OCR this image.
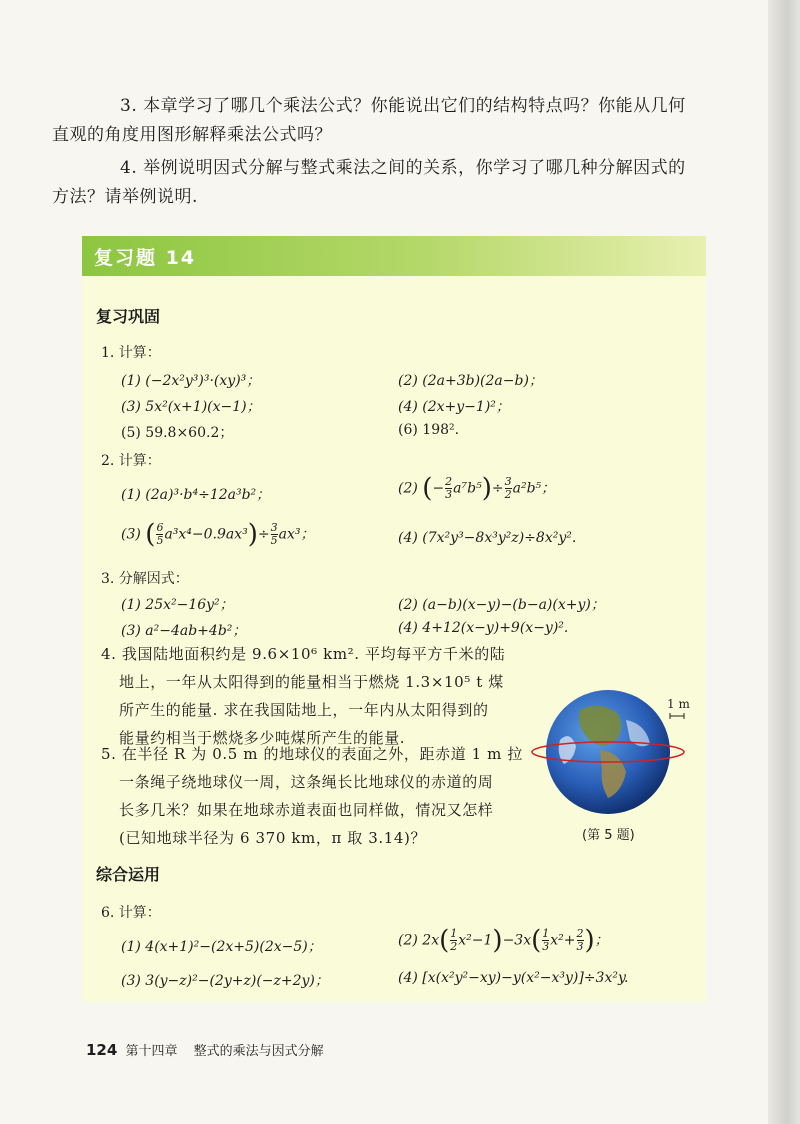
3. 本章学习了哪几个乘法公式？你能说出它们的结构特点吗？你能从几何
直观的角度用图形解释乘法公式吗？

4. 举例说明因式分解与整式乘法之间的关系，你学习了哪几种分解因式的
方法？请举例说明.

复习题 14
复习巩固
1. 计算：
(1) (−2x²y³)³·(xy)³；	(2) (2a+3b)(2a−b)；
(3) 5x²(x+1)(x−1)；	(4) (2x+y−1)²；
(5) 59.8×60.2；	(6) 198².
2. 计算：
(1) (2a)³·b⁴÷12a³b²；	(2) (− $\frac{2}{3} a^7b^5)\div \frac{3}{2} a^2b^5$；
(3) ( $\frac{6}{5} a^3x^4-0.9ax^3)\div \frac{3}{5} ax^3$；	(4) (7x²y³−8x³y²z)÷8x²y².
3. 分解因式：
(1) 25x²−16y²；	(2) (a−b)(x−y)−(b−a)(x+y)；
(3) a²−4ab+4b²；	(4) 4+12(x−y)+9(x−y)².
4. 我国陆地面积约是 9.6×10⁶ km². 平均每平方千米的陆
地上，一年从太阳得到的能量相当于燃烧 1.3×10⁵ t 煤
所产生的能量. 求在我国陆地上，一年内从太阳得到的
能量约相当于燃烧多少吨煤所产生的能量.
5. 在半径 R 为 0.5 m 的地球仪的表面之外，距赤道 1 m 拉
一条绳子绕地球仪一周，这条绳长比地球仪的赤道的周
长多几米？如果在地球赤道表面也同样做，情况又怎样
(已知地球半径为 6 370 km，π 取 3.14)？
1 m
(第 5 题)
综合运用
6. 计算：
(1) 4(x+1)²−(2x+5)(2x−5)；	(2) $2x( \frac{1}{2} x^2-1)-3x( \frac{1}{3} x^2+ \frac{2}{3}$ )；
(3) 3(y−z)²−(2y+z)(−z+2y)；	(4) [x(x²y²−xy)−y(x²−x³y)]÷3x²y.
124 第十四章 整式的乘法与因式分解
